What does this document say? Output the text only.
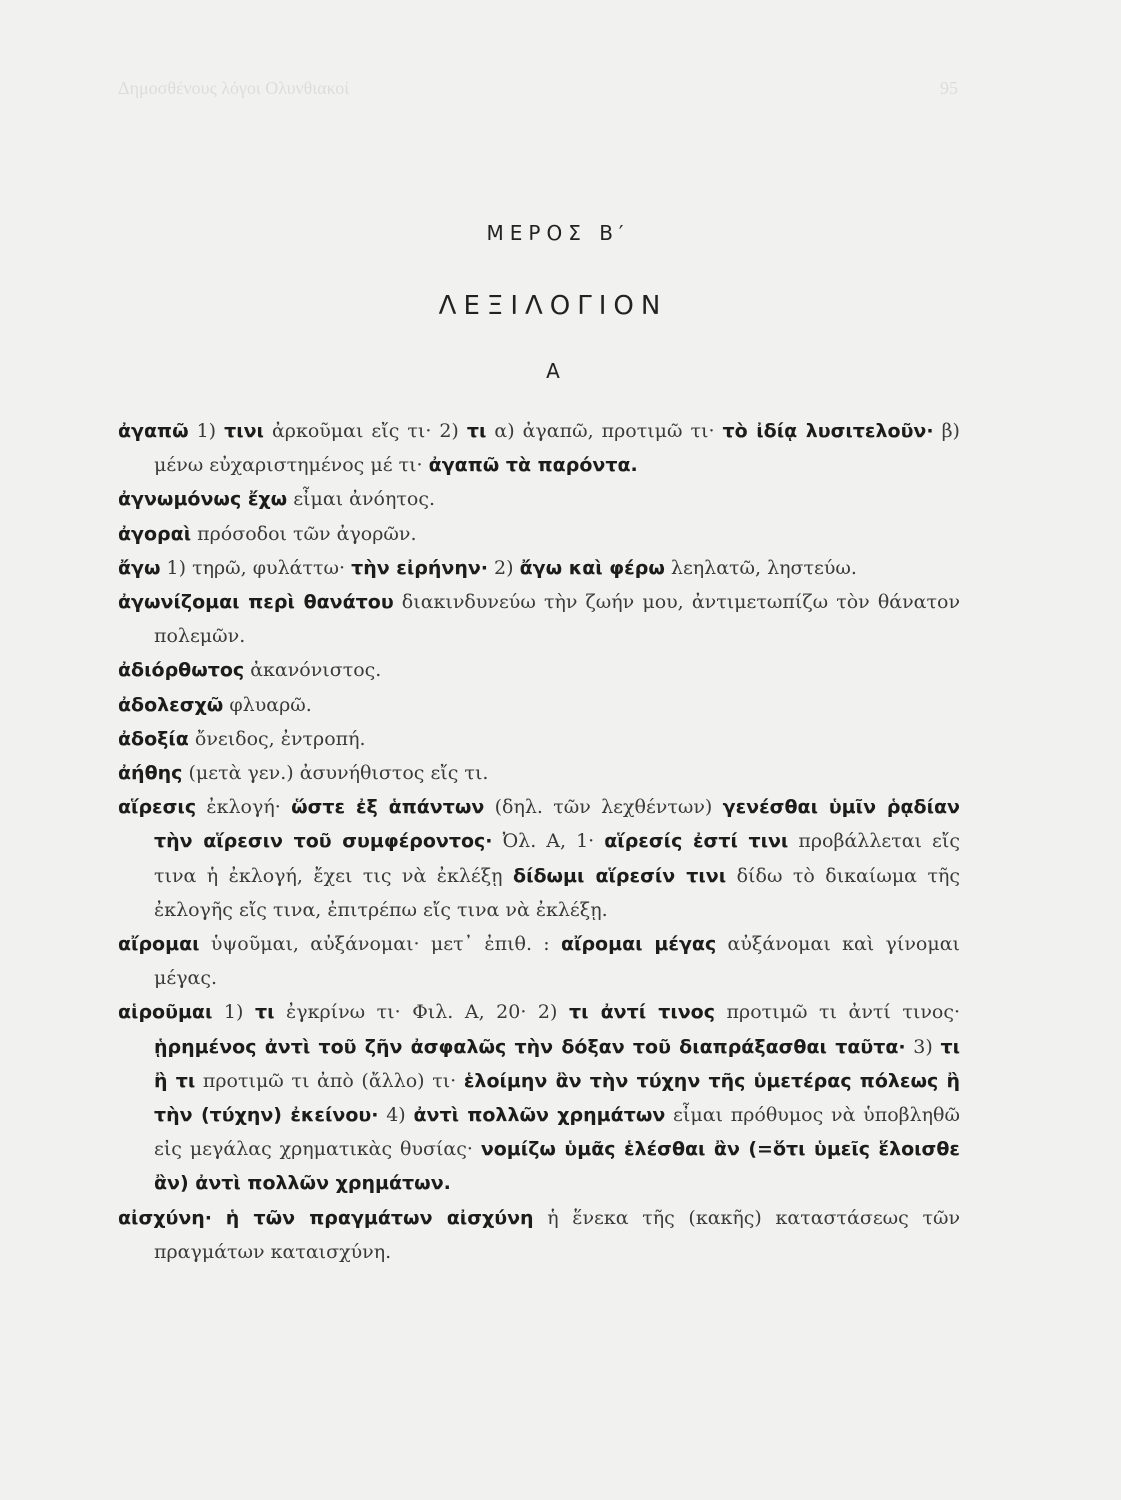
Δημοσθένους λόγοι Ολυνθιακοί	95
ΜΕΡΟΣ Β′
ΛΕΞΙΛΟΓΙΟΝ
Α
ἀγαπῶ 1) τινι ἀρκοῦμαι εἴς τι· 2) τι α) ἀγαπῶ, προτιμῶ τι· τὸ ἰδίᾳ λυσιτελοῦν· β) μένω εὐχαριστημένος μέ τι· ἀγαπῶ τὰ παρόντα.
ἀγνωμόνως ἔχω εἶμαι ἀνόητος.
ἀγοραὶ πρόσοδοι τῶν ἀγορῶν.
ἄγω 1) τηρῶ, φυλάττω· τὴν εἰρήνην· 2) ἄγω καὶ φέρω λεηλατῶ, ληστεύω.
ἀγωνίζομαι περὶ θανάτου διακινδυνεύω τὴν ζωήν μου, ἀντιμετωπίζω τὸν θάνατον πολεμῶν.
ἀδιόρθωτος ἀκανόνιστος.
ἀδολεσχῶ φλυαρῶ.
ἀδοξία ὄνειδος, ἐντροπή.
ἀήθης (μετὰ γεν.) ἀσυνήθιστος εἴς τι.
αἵρεσις ἐκλογή· ὥστε ἐξ ἁπάντων (δηλ. τῶν λεχθέντων) γενέσθαι ὑμῖν ῥᾳδίαν τὴν αἵρεσιν τοῦ συμφέροντος· Ὀλ. Α, 1· αἵρεσίς ἐστί τινι προβάλλεται εἴς τινα ἡ ἐκλογή, ἔχει τις νὰ ἐκλέξῃ δίδωμι αἵρεσίν τινι δίδω τὸ δικαίωμα τῆς ἐκλογῆς εἴς τινα, ἐπιτρέπω εἴς τινα νὰ ἐκλέξῃ.
αἴρομαι ὑψοῦμαι, αὐξάνομαι· μετ᾽ ἐπιθ. : αἴρομαι μέγας αὐξάνομαι καὶ γίνομαι μέγας.
αἱροῦμαι 1) τι ἐγκρίνω τι· Φιλ. Α, 20· 2) τι ἀντί τινος προτιμῶ τι ἀντί τινος· ᾑρημένος ἀντὶ τοῦ ζῆν ἀσφαλῶς τὴν δόξαν τοῦ διαπράξασθαι ταῦτα· 3) τι ἢ τι προτιμῶ τι ἀπὸ (ἄλλο) τι· ἑλοίμην ἂν τὴν τύχην τῆς ὑμετέρας πόλεως ἢ τὴν (τύχην) ἐκείνου· 4) ἀντὶ πολλῶν χρημάτων εἶμαι πρόθυμος νὰ ὑποβληθῶ εἰς μεγάλας χρηματικὰς θυσίας· νομίζω ὑμᾶς ἑλέσθαι ἂν (=ὅτι ὑμεῖς ἕλοισθε ἂν) ἀντὶ πολλῶν χρημάτων.
αἰσχύνη· ἡ τῶν πραγμάτων αἰσχύνη ἡ ἕνεκα τῆς (κακῆς) καταστάσεως τῶν πραγμάτων καταισχύνη.
